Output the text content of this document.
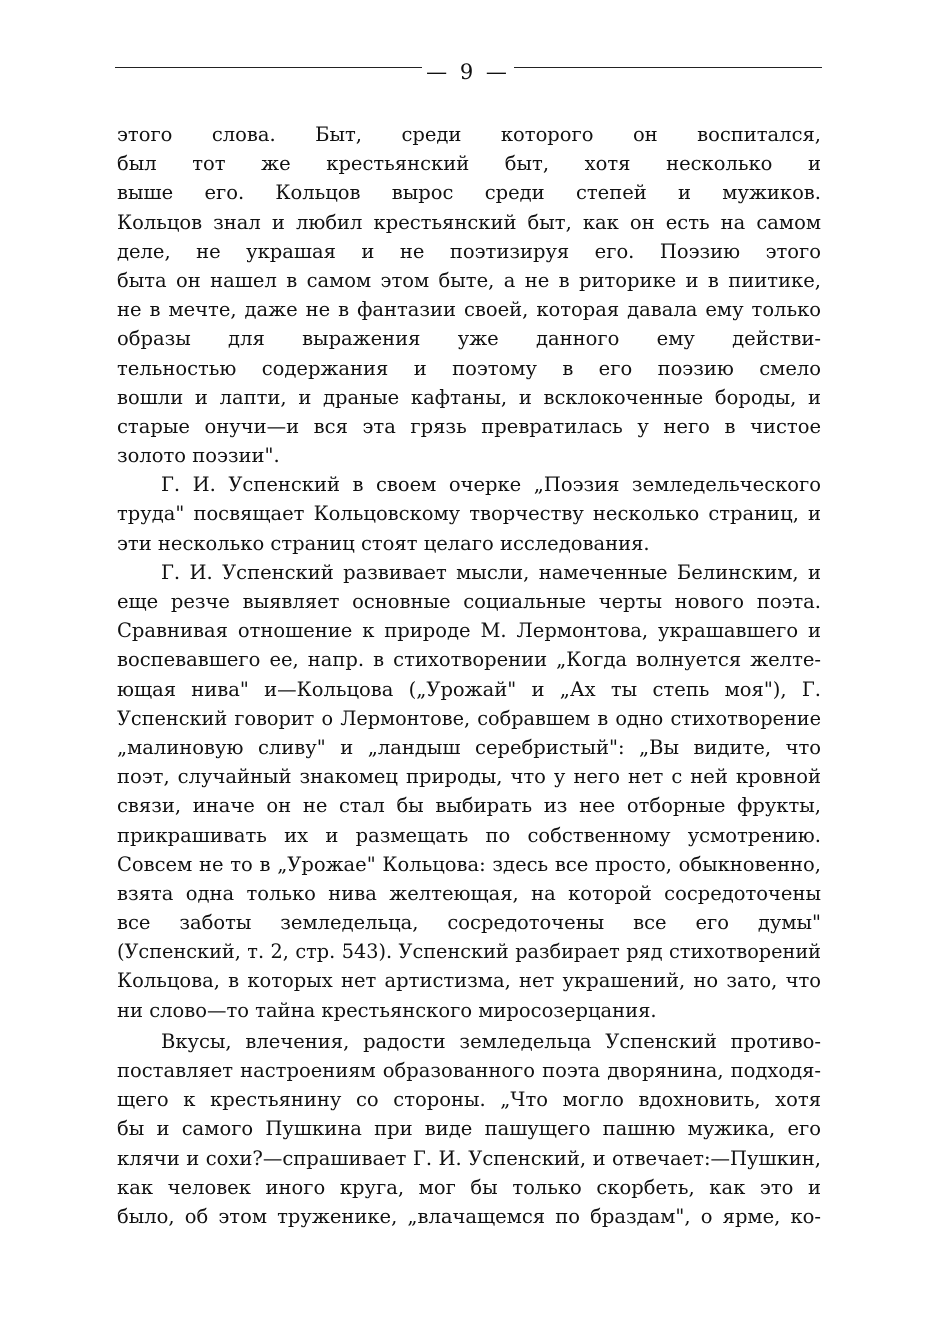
— 9 —
этого слова. Быт, среди которого он воспитался,
был тот же крестьянский быт, хотя несколько и
выше его. Кольцов вырос среди степей и мужиков.
Кольцов знал и любил крестьянский быт, как он есть на самом
деле, не украшая и не поэтизируя его. Поэзию этого
быта он нашел в самом этом быте, а не в риторике и в пиитике,
не в мечте, даже не в фантазии своей, которая давала ему только
образы для выражения уже данного ему действи-
тельностью содержания и поэтому в его поэзию смело
вошли и лапти, и драные кафтаны, и всклокоченные бороды, и
старые онучи—и вся эта грязь превратилась у него в чистое
золото поэзии".
Г. И. Успенский в своем очерке „Поэзия земледельческого
труда" посвящает Кольцовскому творчеству несколько страниц, и
эти несколько страниц стоят целаго исследования.
Г. И. Успенский развивает мысли, намеченные Белинским, и
еще резче выявляет основные социальные черты нового поэта.
Сравнивая отношение к природе М. Лермонтова, украшавшего и
воспевавшего ее, напр. в стихотворении „Когда волнуется желте-
ющая нива" и—Кольцова („Урожай" и „Ах ты степь моя"), Г.
Успенский говорит о Лермонтове, собравшем в одно стихотворение
„малиновую сливу" и „ландыш серебристый": „Вы видите, что
поэт, случайный знакомец природы, что у него нет с ней кровной
связи, иначе он не стал бы выбирать из нее отборные фрукты,
прикрашивать их и размещать по собственному усмотрению.
Совсем не то в „Урожае" Кольцова: здесь все просто, обыкновенно,
взята одна только нива желтеющая, на которой сосредоточены
все заботы земледельца, сосредоточены все его думы"
(Успенский, т. 2, стр. 543). Успенский разбирает ряд стихотворений
Кольцова, в которых нет артистизма, нет украшений, но зато, что
ни слово—то тайна крестьянского миросозерцания.
Вкусы, влечения, радости земледельца Успенский противо-
поставляет настроениям образованного поэта дворянина, подходя-
щего к крестьянину со стороны. „Что могло вдохновить, хотя
бы и самого Пушкина при виде пашущего пашню мужика, его
клячи и сохи?—спрашивает Г. И. Успенский, и отвечает:—Пушкин,
как человек иного круга, мог бы только скорбеть, как это и
было, об этом труженике, „влачащемся по браздам", о ярме, ко-
